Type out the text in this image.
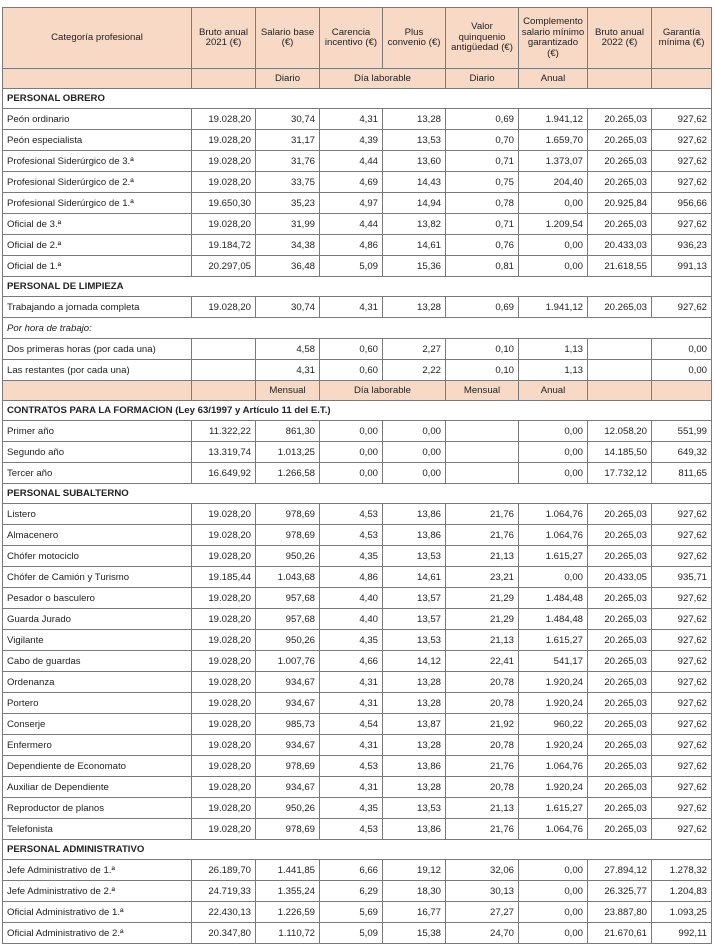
Categoría profesional	Bruto anual 2021 (€)	Salario base (€)	Carencia incentivo (€)	Plus convenio (€)	Valor quinquenio antigüedad (€)	Complemento salario mínimo garantizado (€)	Bruto anual 2022 (€)	Garantía mínima (€)
		Diario	Día laborable		Diario	Anual		
PERSONAL OBRERO								
Peón ordinario	19.028,20	30,74	4,31	13,28	0,69	1.941,12	20.265,03	927,62
Peón especialista	19.028,20	31,17	4,39	13,53	0,70	1.659,70	20.265,03	927,62
Profesional Siderúrgico de 3.ª	19.028,20	31,76	4,44	13,60	0,71	1.373,07	20.265,03	927,62
Profesional Siderúrgico de 2.ª	19.028,20	33,75	4,69	14,43	0,75	204,40	20.265,03	927,62
Profesional Siderúrgico de 1.ª	19.650,30	35,23	4,97	14,94	0,78	0,00	20.925,84	956,66
Oficial de 3.ª	19.028,20	31,99	4,44	13,82	0,71	1.209,54	20.265,03	927,62
Oficial de 2.ª	19.184,72	34,38	4,86	14,61	0,76	0,00	20.433,03	936,23
Oficial de 1.ª	20.297,05	36,48	5,09	15,36	0,81	0,00	21.618,55	991,13
PERSONAL DE LIMPIEZA								
Trabajando a jornada completa	19.028,20	30,74	4,31	13,28	0,69	1.941,12	20.265,03	927,62
Por hora de trabajo:								
Dos primeras horas (por cada una)		4,58	0,60	2,27	0,10	1,13		0,00
Las restantes (por cada una)		4,31	0,60	2,22	0,10	1,13		0,00
		Mensual	Día laborable		Mensual	Anual		
CONTRATOS PARA LA FORMACION (Ley 63/1997 y Artículo 11 del E.T.)								
Primer año	11.322,22	861,30	0,00	0,00		0,00	12.058,20	551,99
Segundo año	13.319,74	1.013,25	0,00	0,00		0,00	14.185,50	649,32
Tercer año	16.649,92	1.266,58	0,00	0,00		0,00	17.732,12	811,65
PERSONAL SUBALTERNO								
Listero	19.028,20	978,69	4,53	13,86	21,76	1.064,76	20.265,03	927,62
Almacenero	19.028,20	978,69	4,53	13,86	21,76	1.064,76	20.265,03	927,62
Chófer motociclo	19.028,20	950,26	4,35	13,53	21,13	1.615,27	20.265,03	927,62
Chófer de Camión y Turismo	19.185,44	1.043,68	4,86	14,61	23,21	0,00	20.433,05	935,71
Pesador o basculero	19.028,20	957,68	4,40	13,57	21,29	1.484,48	20.265,03	927,62
Guarda Jurado	19.028,20	957,68	4,40	13,57	21,29	1.484,48	20.265,03	927,62
Vigilante	19.028,20	950,26	4,35	13,53	21,13	1.615,27	20.265,03	927,62
Cabo de guardas	19.028,20	1.007,76	4,66	14,12	22,41	541,17	20.265,03	927,62
Ordenanza	19.028,20	934,67	4,31	13,28	20,78	1.920,24	20.265,03	927,62
Portero	19.028,20	934,67	4,31	13,28	20,78	1.920,24	20.265,03	927,62
Conserje	19.028,20	985,73	4,54	13,87	21,92	960,22	20.265,03	927,62
Enfermero	19.028,20	934,67	4,31	13,28	20,78	1.920,24	20.265,03	927,62
Dependiente de Economato	19.028,20	978,69	4,53	13,86	21,76	1.064,76	20.265,03	927,62
Auxiliar de Dependiente	19.028,20	934,67	4,31	13,28	20,78	1.920,24	20.265,03	927,62
Reproductor de planos	19.028,20	950,26	4,35	13,53	21,13	1.615,27	20.265,03	927,62
Telefonista	19.028,20	978,69	4,53	13,86	21,76	1.064,76	20.265,03	927,62
PERSONAL ADMINISTRATIVO								
Jefe Administrativo de 1.ª	26.189,70	1.441,85	6,66	19,12	32,06	0,00	27.894,12	1.278,32
Jefe Administrativo de 2.ª	24.719,33	1.355,24	6,29	18,30	30,13	0,00	26.325,77	1.204,83
Oficial Administrativo de 1.ª	22.430,13	1.226,59	5,69	16,77	27,27	0,00	23.887,80	1.093,25
Oficial Administrativo de 2.ª	20.347,80	1.110,72	5,09	15,38	24,70	0,00	21.670,61	992,11
